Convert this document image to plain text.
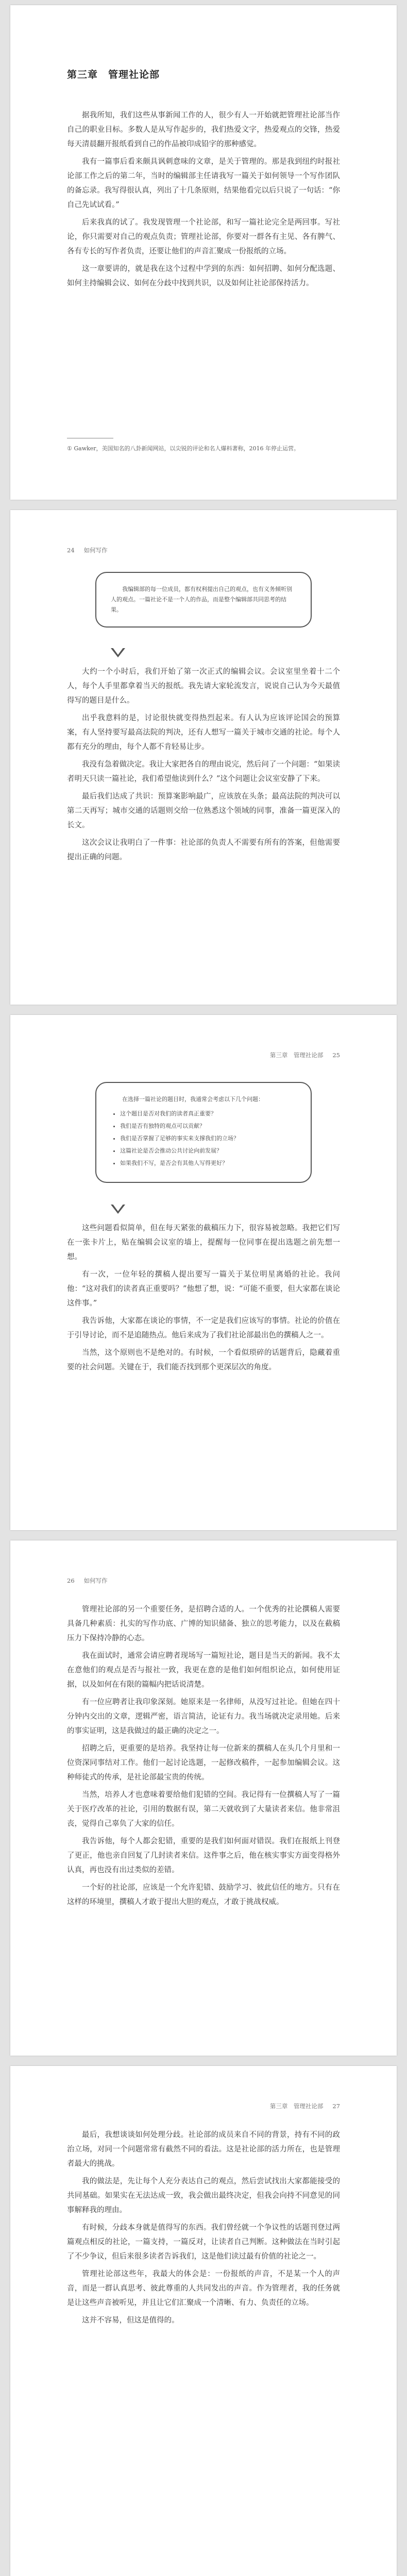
第三章　管理社论部

据我所知，我们这些从事新闻工作的人，很少有人一开始就把管理社论部当作自己的职业目标。多数人是从写作起步的，我们热爱文字，热爱观点的交锋，热爱每天清晨翻开报纸看到自己的作品被印成铅字的那种感觉。

我有一篇事后看来颇具讽刺意味的文章，是关于管理的。那是我到纽约时报社论部工作之后的第二年，当时的编辑部主任请我写一篇关于如何领导一个写作团队的备忘录。我写得很认真，列出了十几条原则，结果他看完以后只说了一句话：“你自己先试试看。”

后来我真的试了。我发现管理一个社论部，和写一篇社论完全是两回事。写社论，你只需要对自己的观点负责；管理社论部，你要对一群各有主见、各有脾气、各有专长的写作者负责，还要让他们的声音汇聚成一份报纸的立场。

这一章要讲的，就是我在这个过程中学到的东西：如何招聘、如何分配选题、如何主持编辑会议、如何在分歧中找到共识，以及如何让社论部保持活力。

① Gawker，美国知名的八卦新闻网站，以尖锐的评论和名人爆料著称，2016 年停止运营。
24 如何写作

我编辑部的每一位成员，都有权利提出自己的观点，也有义务倾听别人的观点。一篇社论不是一个人的作品，而是整个编辑部共同思考的结果。

大约一个小时后，我们开始了第一次正式的编辑会议。会议室里坐着十二个人，每个人手里都拿着当天的报纸。我先请大家轮流发言，说说自己认为今天最值得写的题目是什么。

出乎我意料的是，讨论很快就变得热烈起来。有人认为应该评论国会的预算案，有人坚持要写最高法院的判决，还有人想写一篇关于城市交通的社论。每个人都有充分的理由，每个人都不肯轻易让步。

我没有急着做决定。我让大家把各自的理由说完，然后问了一个问题：“如果读者明天只读一篇社论，我们希望他读到什么？”这个问题让会议室安静了下来。

最后我们达成了共识：预算案影响最广，应该放在头条；最高法院的判决可以第二天再写；城市交通的话题则交给一位熟悉这个领域的同事，准备一篇更深入的长文。

这次会议让我明白了一件事：社论部的负责人不需要有所有的答案，但他需要提出正确的问题。

第三章　管理社论部 25

在选择一篇社论的题目时，我通常会考虑以下几个问题：

• 这个题目是否对我们的读者真正重要？
• 我们是否有独特的观点可以贡献？
• 我们是否掌握了足够的事实来支撑我们的立场？
• 这篇社论是否会推动公共讨论向前发展？
• 如果我们不写，是否会有其他人写得更好？

这些问题看似简单，但在每天紧张的截稿压力下，很容易被忽略。我把它们写在一张卡片上，贴在编辑会议室的墙上，提醒每一位同事在提出选题之前先想一想。

有一次，一位年轻的撰稿人提出要写一篇关于某位明星离婚的社论。我问他：“这对我们的读者真正重要吗？”他想了想，说：“可能不重要，但大家都在谈论这件事。”

我告诉他，大家都在谈论的事情，不一定是我们应该写的事情。社论的价值在于引导讨论，而不是追随热点。他后来成为了我们社论部最出色的撰稿人之一。

当然，这个原则也不是绝对的。有时候，一个看似琐碎的话题背后，隐藏着重要的社会问题。关键在于，我们能否找到那个更深层次的角度。

26 如何写作

管理社论部的另一个重要任务，是招聘合适的人。一个优秀的社论撰稿人需要具备几种素质：扎实的写作功底、广博的知识储备、独立的思考能力，以及在截稿压力下保持冷静的心态。

我在面试时，通常会请应聘者现场写一篇短社论，题目是当天的新闻。我不太在意他们的观点是否与报社一致，我更在意的是他们如何组织论点，如何使用证据，以及如何在有限的篇幅内把话说清楚。

有一位应聘者让我印象深刻。她原来是一名律师，从没写过社论。但她在四十分钟内交出的文章，逻辑严密，语言简洁，论证有力。我当场就决定录用她。后来的事实证明，这是我做过的最正确的决定之一。

招聘之后，更重要的是培养。我坚持让每一位新来的撰稿人在头几个月里和一位资深同事结对工作。他们一起讨论选题，一起修改稿件，一起参加编辑会议。这种师徒式的传承，是社论部最宝贵的传统。

当然，培养人才也意味着要给他们犯错的空间。我记得有一位撰稿人写了一篇关于医疗改革的社论，引用的数据有误，第二天就收到了大量读者来信。他非常沮丧，觉得自己辜负了大家的信任。

我告诉他，每个人都会犯错，重要的是我们如何面对错误。我们在报纸上刊登了更正，他也亲自回复了几封读者来信。这件事之后，他在核实事实方面变得格外认真，再也没有出过类似的差错。

一个好的社论部，应该是一个允许犯错、鼓励学习、彼此信任的地方。只有在这样的环境里，撰稿人才敢于提出大胆的观点，才敢于挑战权威。

第三章　管理社论部 27

最后，我想谈谈如何处理分歧。社论部的成员来自不同的背景，持有不同的政治立场，对同一个问题常常有截然不同的看法。这是社论部的活力所在，也是管理者最大的挑战。

我的做法是，先让每个人充分表达自己的观点，然后尝试找出大家都能接受的共同基础。如果实在无法达成一致，我会做出最终决定，但我会向持不同意见的同事解释我的理由。

有时候，分歧本身就是值得写的东西。我们曾经就一个争议性的话题刊登过两篇观点相反的社论，一篇支持，一篇反对，让读者自己判断。这种做法在当时引起了不少争议，但后来很多读者告诉我们，这是他们读过最有价值的社论之一。

管理社论部这些年，我最大的体会是：一份报纸的声音，不是某一个人的声音，而是一群认真思考、彼此尊重的人共同发出的声音。作为管理者，我的任务就是让这些声音被听见，并且让它们汇聚成一个清晰、有力、负责任的立场。

这并不容易，但这是值得的。
